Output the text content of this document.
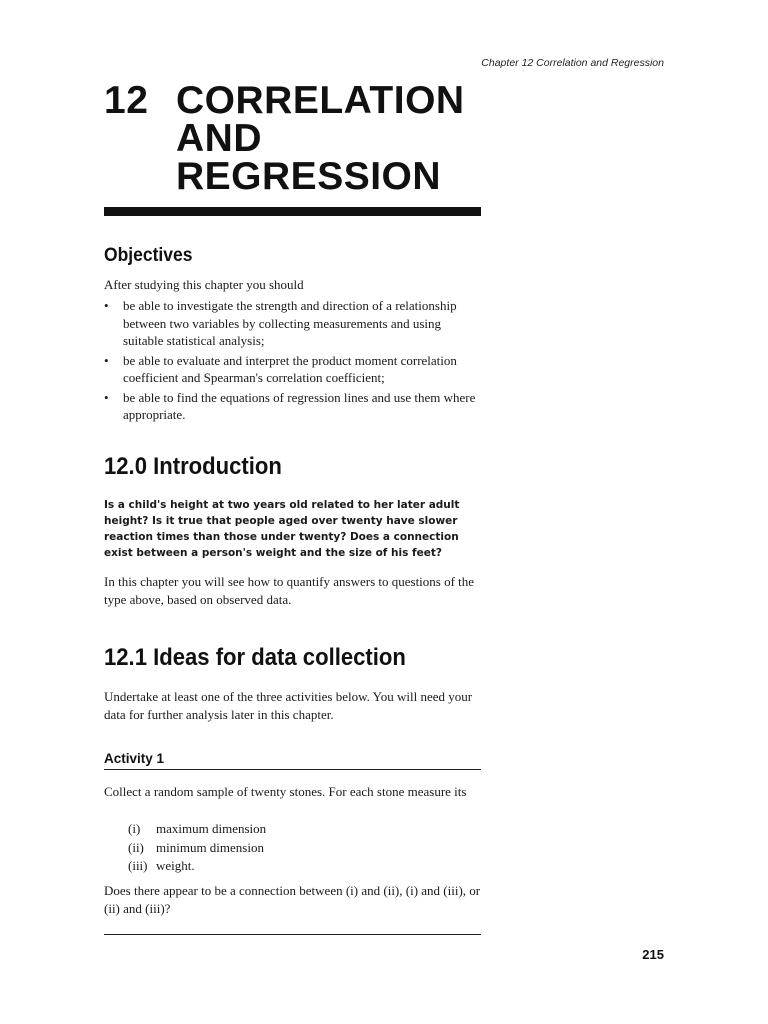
Chapter 12 Correlation and Regression
12 CORRELATION
AND
REGRESSION
Objectives
After studying this chapter you should
• be able to investigate the strength and direction of a relationship between two variables by collecting measurements and using suitable statistical analysis;
• be able to evaluate and interpret the product moment correlation coefficient and Spearman's correlation coefficient;
• be able to find the equations of regression lines and use them where appropriate.
12.0 Introduction
Is a child's height at two years old related to her later adult height? Is it true that people aged over twenty have slower reaction times than those under twenty? Does a connection exist between a person's weight and the size of his feet?
In this chapter you will see how to quantify answers to questions of the type above, based on observed data.
12.1 Ideas for data collection
Undertake at least one of the three activities below. You will need your data for further analysis later in this chapter.
Activity 1
Collect a random sample of twenty stones. For each stone measure its
(i) maximum dimension
(ii) minimum dimension
(iii) weight.
Does there appear to be a connection between (i) and (ii), (i) and (iii), or (ii) and (iii)?
215
